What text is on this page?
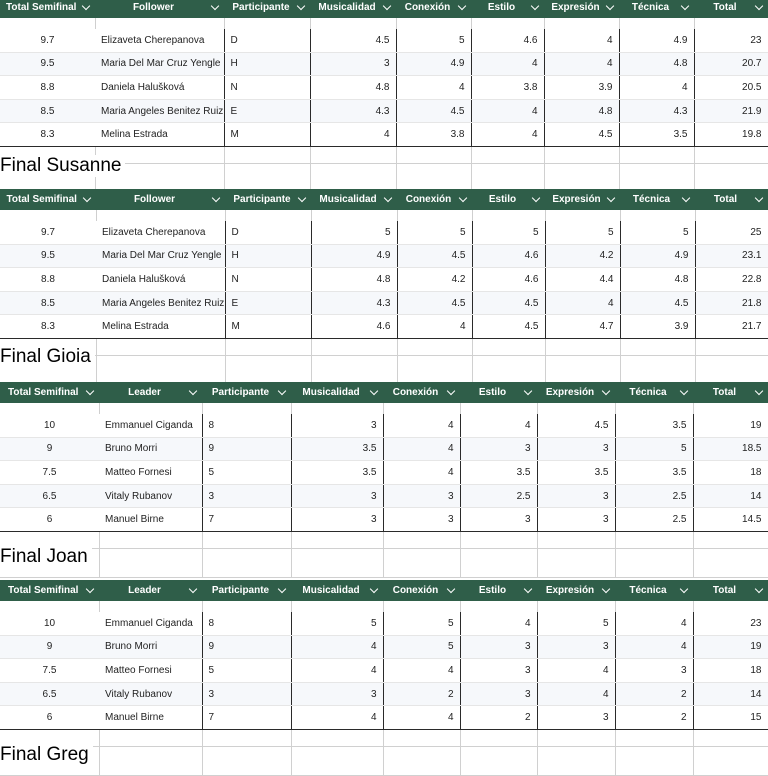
Total Semifinal	Follower	Participante	Musicalidad	Conexión	Estilo	Expresión	Técnica	Total

9.7	Elizaveta Cherepanova	D	4.5	5	4.6	4	4.9	23
9.5	Maria Del Mar Cruz Yengle	H	3	4.9	4	4	4.8	20.7
8.8	Daniela Halušková	N	4.8	4	3.8	3.9	4	20.5
8.5	Maria Angeles Benitez Ruiz	E	4.3	4.5	4	4.8	4.3	21.9
8.3	Melina Estrada	M	4	3.8	4	4.5	3.5	19.8

Final Susanne
Total Semifinal	Follower	Participante	Musicalidad	Conexión	Estilo	Expresión	Técnica	Total

9.7	Elizaveta Cherepanova	D	5	5	5	5	5	25
9.5	Maria Del Mar Cruz Yengle	H	4.9	4.5	4.6	4.2	4.9	23.1
8.8	Daniela Halušková	N	4.8	4.2	4.6	4.4	4.8	22.8
8.5	Maria Angeles Benitez Ruiz	E	4.3	4.5	4.5	4	4.5	21.8
8.3	Melina Estrada	M	4.6	4	4.5	4.7	3.9	21.7

Final Gioia
Total Semifinal	Leader	Participante	Musicalidad	Conexión	Estilo	Expresión	Técnica	Total

10	Emmanuel Ciganda	8	3	4	4	4.5	3.5	19
9	Bruno Morri	9	3.5	4	3	3	5	18.5
7.5	Matteo Fornesi	5	3.5	4	3.5	3.5	3.5	18
6.5	Vitaly Rubanov	3	3	3	2.5	3	2.5	14
6	Manuel Birne	7	3	3	3	3	2.5	14.5

Final Joan
Total Semifinal	Leader	Participante	Musicalidad	Conexión	Estilo	Expresión	Técnica	Total

10	Emmanuel Ciganda	8	5	5	4	5	4	23
9	Bruno Morri	9	4	5	3	3	4	19
7.5	Matteo Fornesi	5	4	4	3	4	3	18
6.5	Vitaly Rubanov	3	3	2	3	4	2	14
6	Manuel Birne	7	4	4	2	3	2	15

Final Greg
